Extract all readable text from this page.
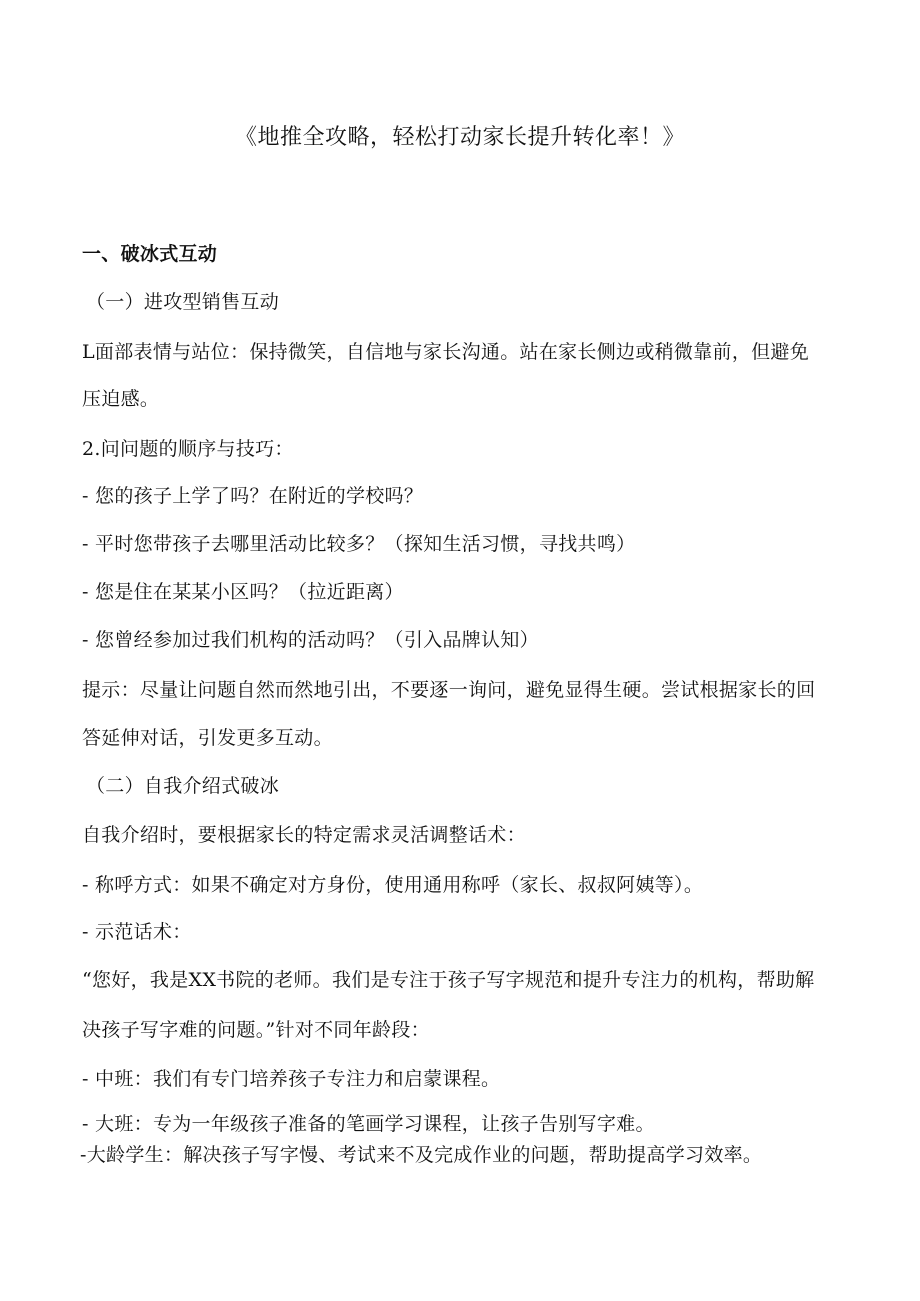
《地推全攻略，轻松打动家长提升转化率！》
一、破冰式互动
（一）进攻型销售互动
L面部表情与站位：保持微笑，自信地与家长沟通。站在家长侧边或稍微靠前，但避免
压迫感。
2.问问题的顺序与技巧：
- 您的孩子上学了吗？在附近的学校吗？
- 平时您带孩子去哪里活动比较多？（探知生活习惯，寻找共鸣）
- 您是住在某某小区吗？（拉近距离）
- 您曾经参加过我们机构的活动吗？（引入品牌认知）
提示：尽量让问题自然而然地引出，不要逐一询问，避免显得生硬。尝试根据家长的回
答延伸对话，引发更多互动。
（二）自我介绍式破冰
自我介绍时，要根据家长的特定需求灵活调整话术：
- 称呼方式：如果不确定对方身份，使用通用称呼（家长、叔叔阿姨等）。
- 示范话术：
“您好，我是XX书院的老师。我们是专注于孩子写字规范和提升专注力的机构，帮助解
决孩子写字难的问题。”针对不同年龄段：
- 中班：我们有专门培养孩子专注力和启蒙课程。
- 大班：专为一年级孩子准备的笔画学习课程，让孩子告别写字难。
-大龄学生：解决孩子写字慢、考试来不及完成作业的问题，帮助提高学习效率。
